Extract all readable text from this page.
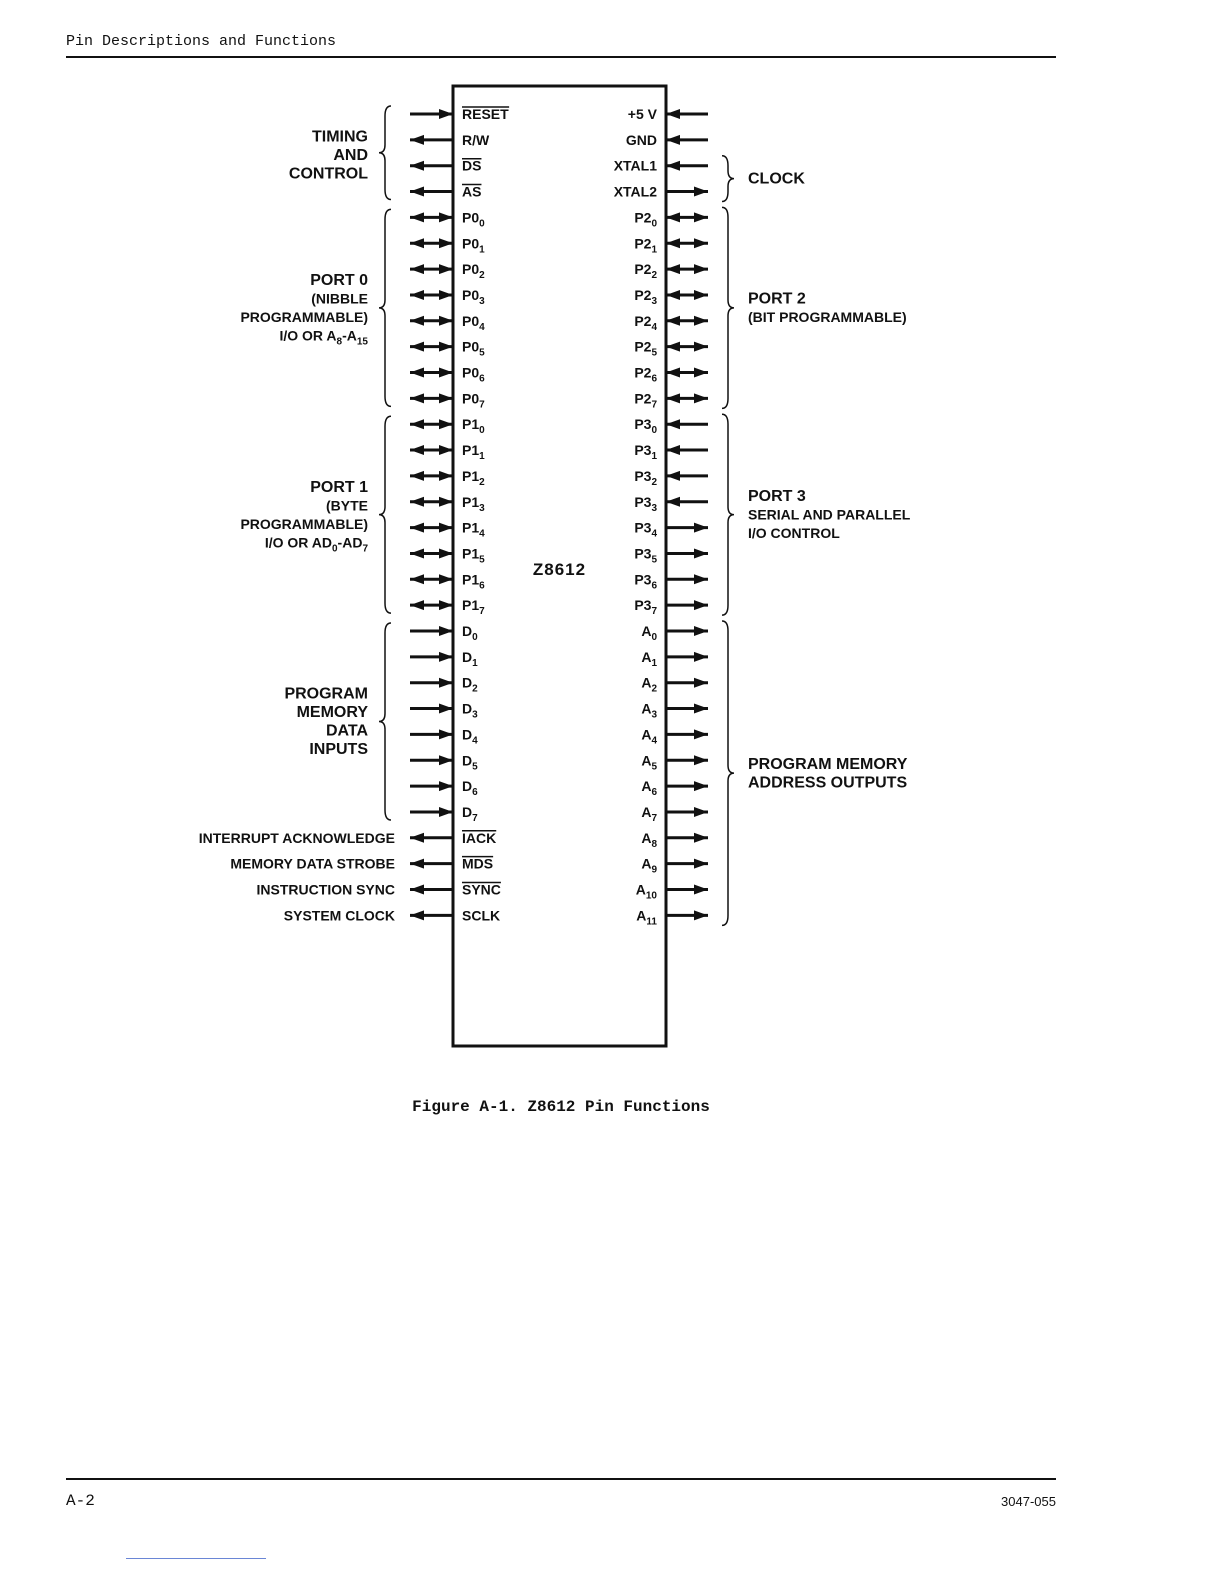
Pin Descriptions and Functions
Z8612
RESET
R/W
DS
AS
$P0_0$
$P0_1$
$P0_2$
$P0_3$
$P0_4$
$P0_5$
$P0_6$
$P0_7$
$P1_0$
$P1_1$
$P1_2$
$P1_3$
$P1_4$
$P1_5$
$P1_6$
$P1_7$
$D_0$
$D_1$
$D_2$
$D_3$
$D_4$
$D_5$
$D_6$
$D_7$
IACK
MDS
SYNC
SCLK
+5 V
GND
XTAL1
XTAL2
$P2_0$
$P2_1$
$P2_2$
$P2_3$
$P2_4$
$P2_5$
$P2_6$
$P2_7$
$P3_0$
$P3_1$
$P3_2$
$P3_3$
$P3_4$
$P3_5$
$P3_6$
$P3_7$
$A_0$
$A_1$
$A_2$
$A_3$
$A_4$
$A_5$
$A_6$
$A_7$
$A_8$
$A_9$
$A_{10}$
$A_{11}$
TIMING
AND
CONTROL
PORT 0
(NIBBLE
PROGRAMMABLE)
I/O OR $A_8-A_{15}$
PORT 1
(BYTE
PROGRAMMABLE)
I/O OR $AD_0-AD_7$
PROGRAM
MEMORY
DATA
INPUTS
INTERRUPT ACKNOWLEDGE
MEMORY DATA STROBE
INSTRUCTION SYNC
SYSTEM CLOCK
CLOCK
PORT 2
(BIT PROGRAMMABLE)
PORT 3
SERIAL AND PARALLEL
I/O CONTROL
PROGRAM MEMORY
ADDRESS OUTPUTS
Figure A-1. Z8612 Pin Functions
A-2	3047-055
